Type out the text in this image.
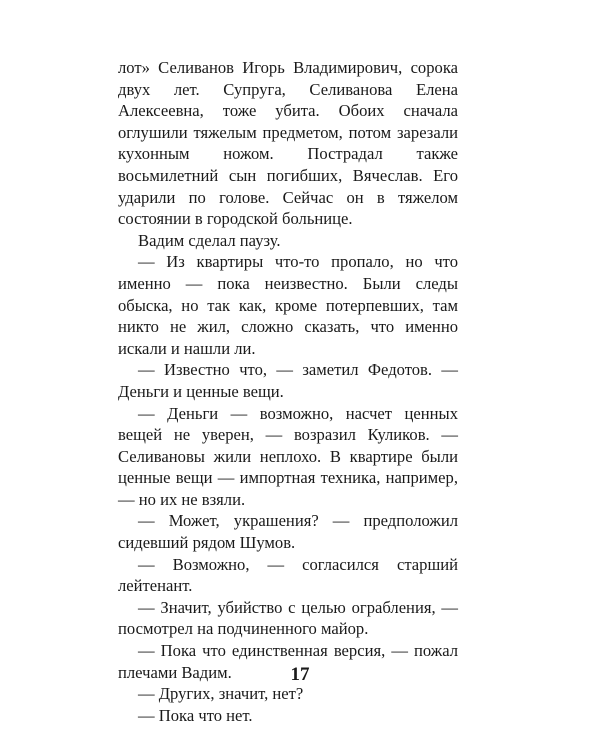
лот» Селиванов Игорь Владимирович, сорока двух лет. Супруга, Селиванова Елена Алексеевна, тоже убита. Обоих сначала оглушили тяжелым предметом, потом зарезали кухонным ножом. Пострадал также восьмилетний сын погибших, Вячеслав. Его ударили по голове. Сейчас он в тяжелом состоянии в городской больнице.

Вадим сделал паузу.

— Из квартиры что-то пропало, но что именно — пока неизвестно. Были следы обыска, но так как, кроме потерпевших, там никто не жил, сложно сказать, что именно искали и нашли ли.

— Известно что, — заметил Федотов. — Деньги и ценные вещи.

— Деньги — возможно, насчет ценных вещей не уверен, — возразил Куликов. — Селивановы жили неплохо. В квартире были ценные вещи — импортная техника, например, — но их не взяли.

— Может, украшения? — предположил сидевший рядом Шумов.

— Возможно, — согласился старший лейтенант.

— Значит, убийство с целью ограбления, — посмотрел на подчиненного майор.

— Пока что единственная версия, — пожал плечами Вадим.

— Других, значит, нет?

— Пока что нет.

17
